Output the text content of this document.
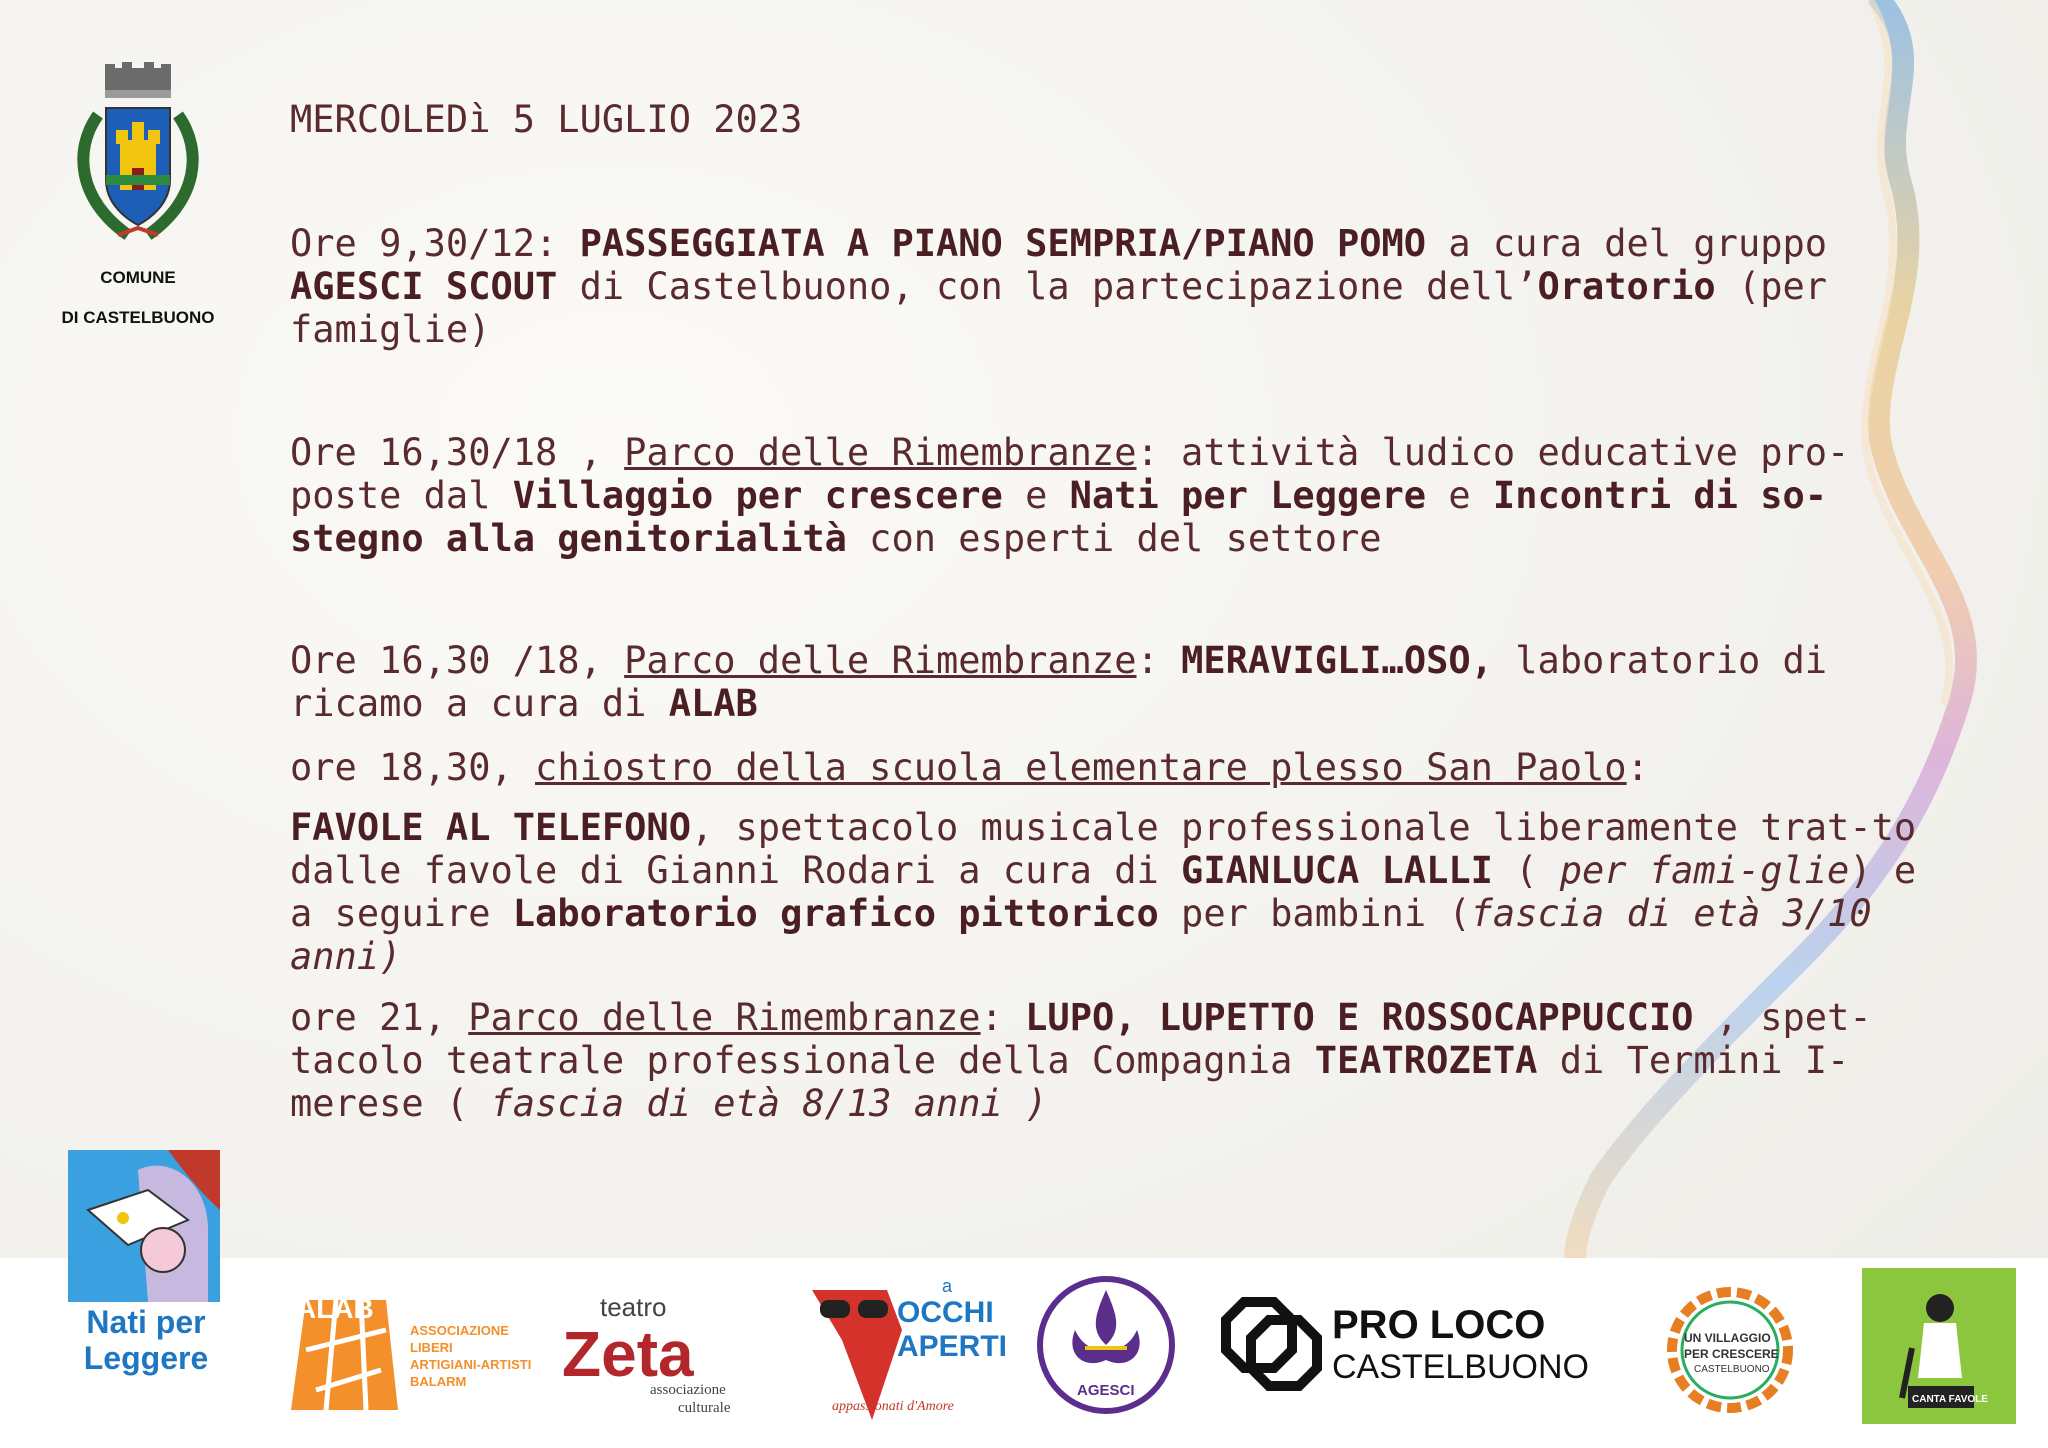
COMUNE
DI CASTELBUONO

MERCOLEDì 5 LUGLIO 2023

Ore 9,30/12: PASSEGGIATA A PIANO SEMPRIA/PIANO POMO a cura del gruppo AGESCI SCOUT di Castelbuono, con la partecipazione dell’Oratorio (per famiglie)

Ore 16,30/18 , Parco delle Rimembranze: attività ludico educative pro-poste dal Villaggio per crescere e Nati per Leggere e Incontri di so-stegno alla genitorialità con esperti del settore

Ore 16,30 /18, Parco delle Rimembranze: MERAVIGLI…OSO, laboratorio di ricamo a cura di ALAB

ore 18,30, chiostro della scuola elementare plesso San Paolo:

FAVOLE AL TELEFONO, spettacolo musicale professionale liberamente trat-to dalle favole di Gianni Rodari a cura di GIANLUCA LALLI ( per fami-glie) e a seguire Laboratorio grafico pittorico per bambini (fascia di età 3/10 anni)

ore 21, Parco delle Rimembranze: LUPO, LUPETTO E ROSSOCAPPUCCIO , spet-tacolo teatrale professionale della Compagnia TEATROZETA di Termini I-merese ( fascia di età 8/13 anni )

Nati per
Leggere
ALAB
ASSOCIAZIONE
LIBERI
ARTIGIANI-ARTISTI
BALARM
teatro
Zeta
associazione
culturale
a
OCCHI
APERTI
appassionati d'Amore
AGESCI
PRO LOCO
CASTELBUONO
UN VILLAGGIO
PER CRESCERE
CASTELBUONO
CANTA FAVOLE
